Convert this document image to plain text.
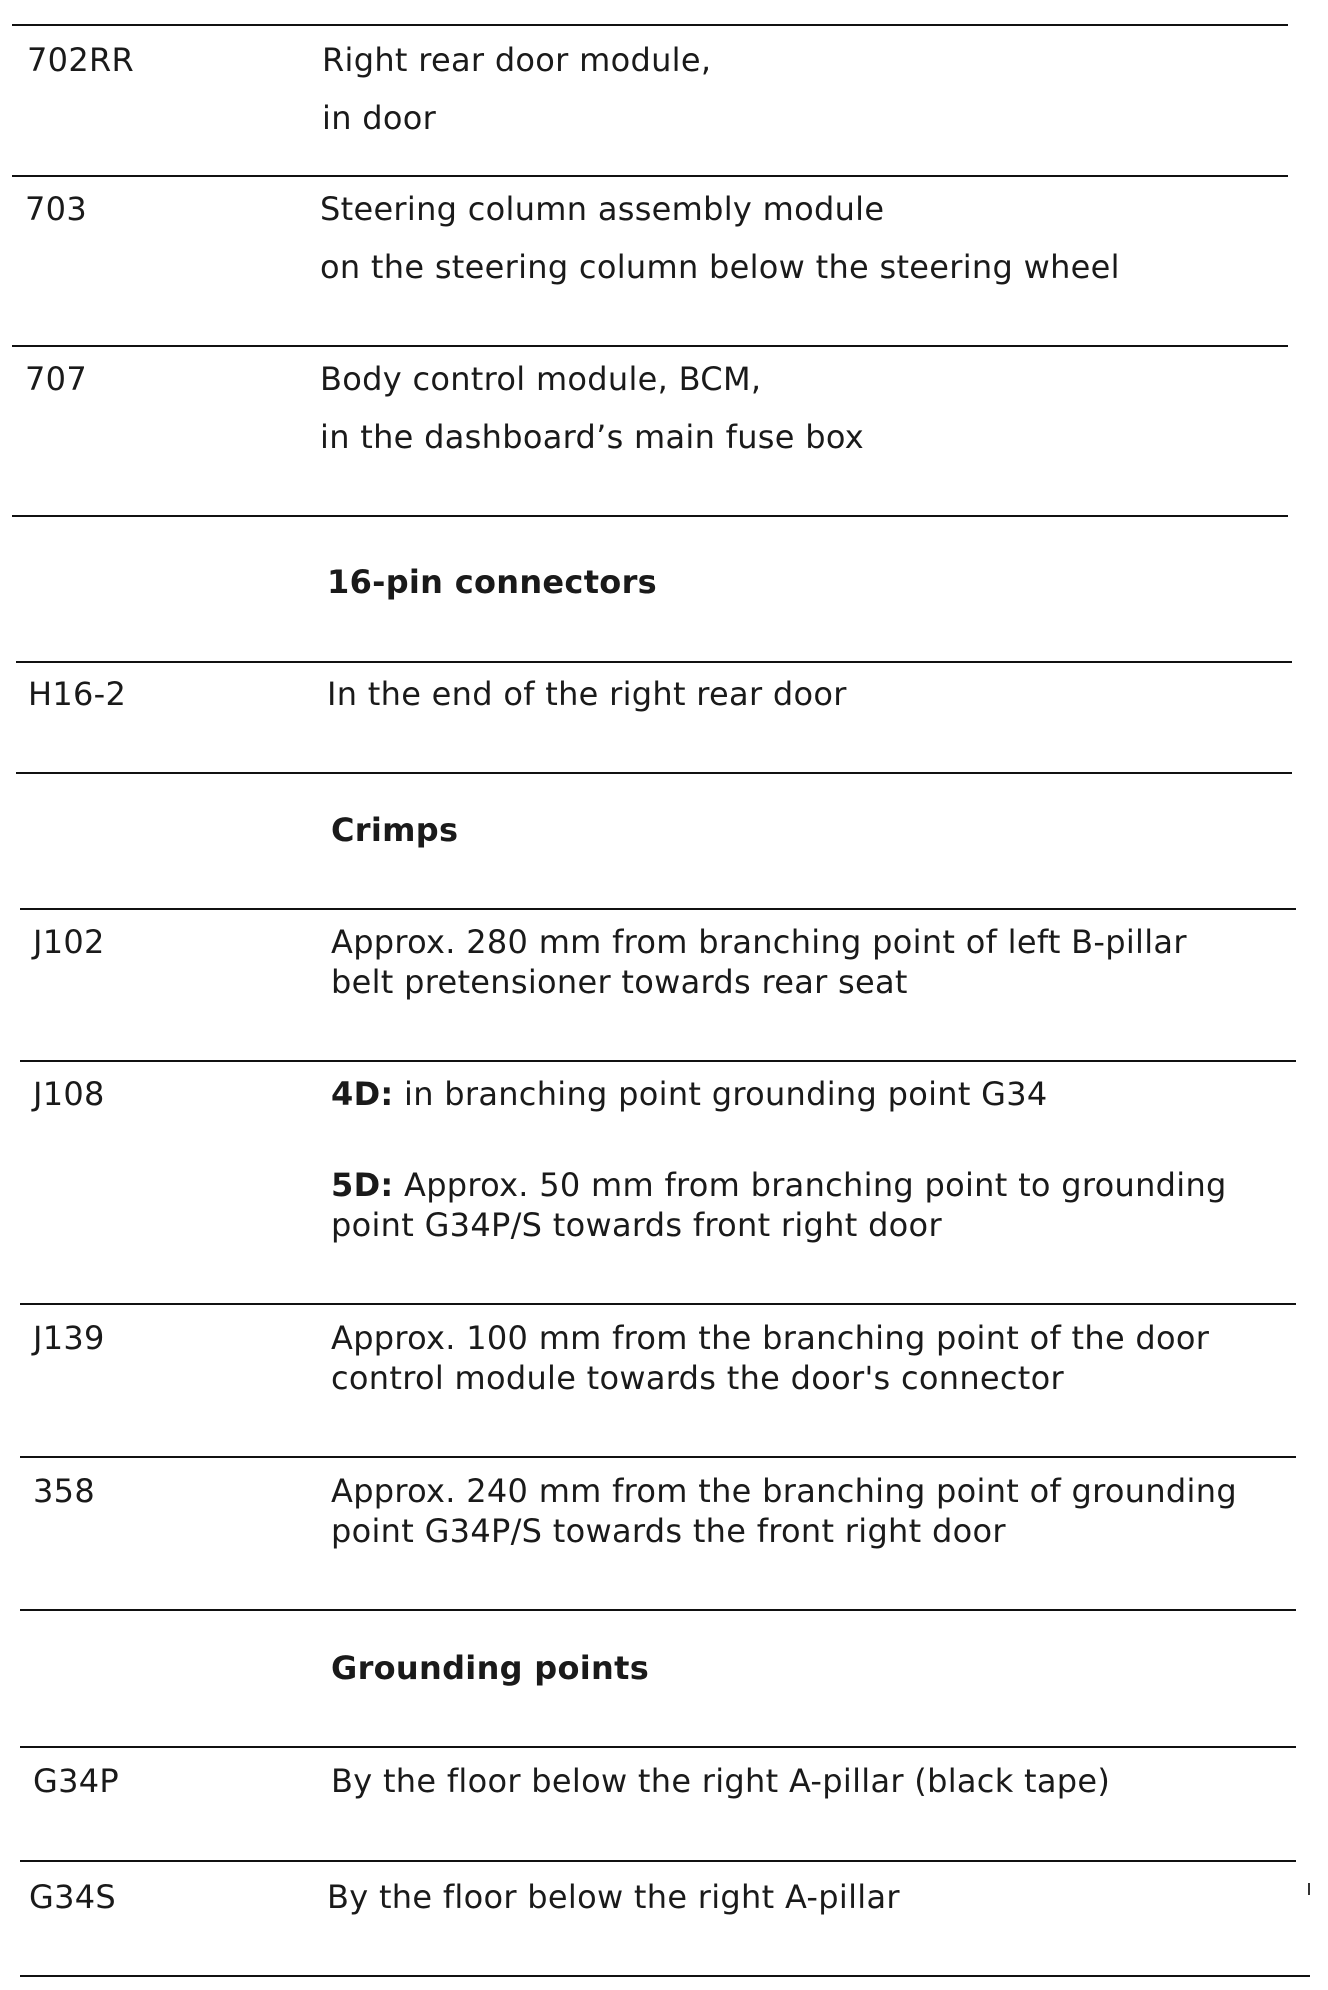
702RR	Right rear door module,
in door
703	Steering column assembly module
on the steering column below the steering wheel
707	Body control module, BCM,
in the dashboard’s main fuse box
16-pin connectors
H16-2	In the end of the right rear door
Crimps
J102	Approx. 280 mm from branching point of left B-pillar
belt pretensioner towards rear seat
J108	4D: in branching point grounding point G34
5D: Approx. 50 mm from branching point to grounding
point G34P/S towards front right door
J139	Approx. 100 mm from the branching point of the door
control module towards the door's connector
358	Approx. 240 mm from the branching point of grounding
point G34P/S towards the front right door
Grounding points
G34P	By the floor below the right A-pillar (black tape)
G34S	By the floor below the right A-pillar
